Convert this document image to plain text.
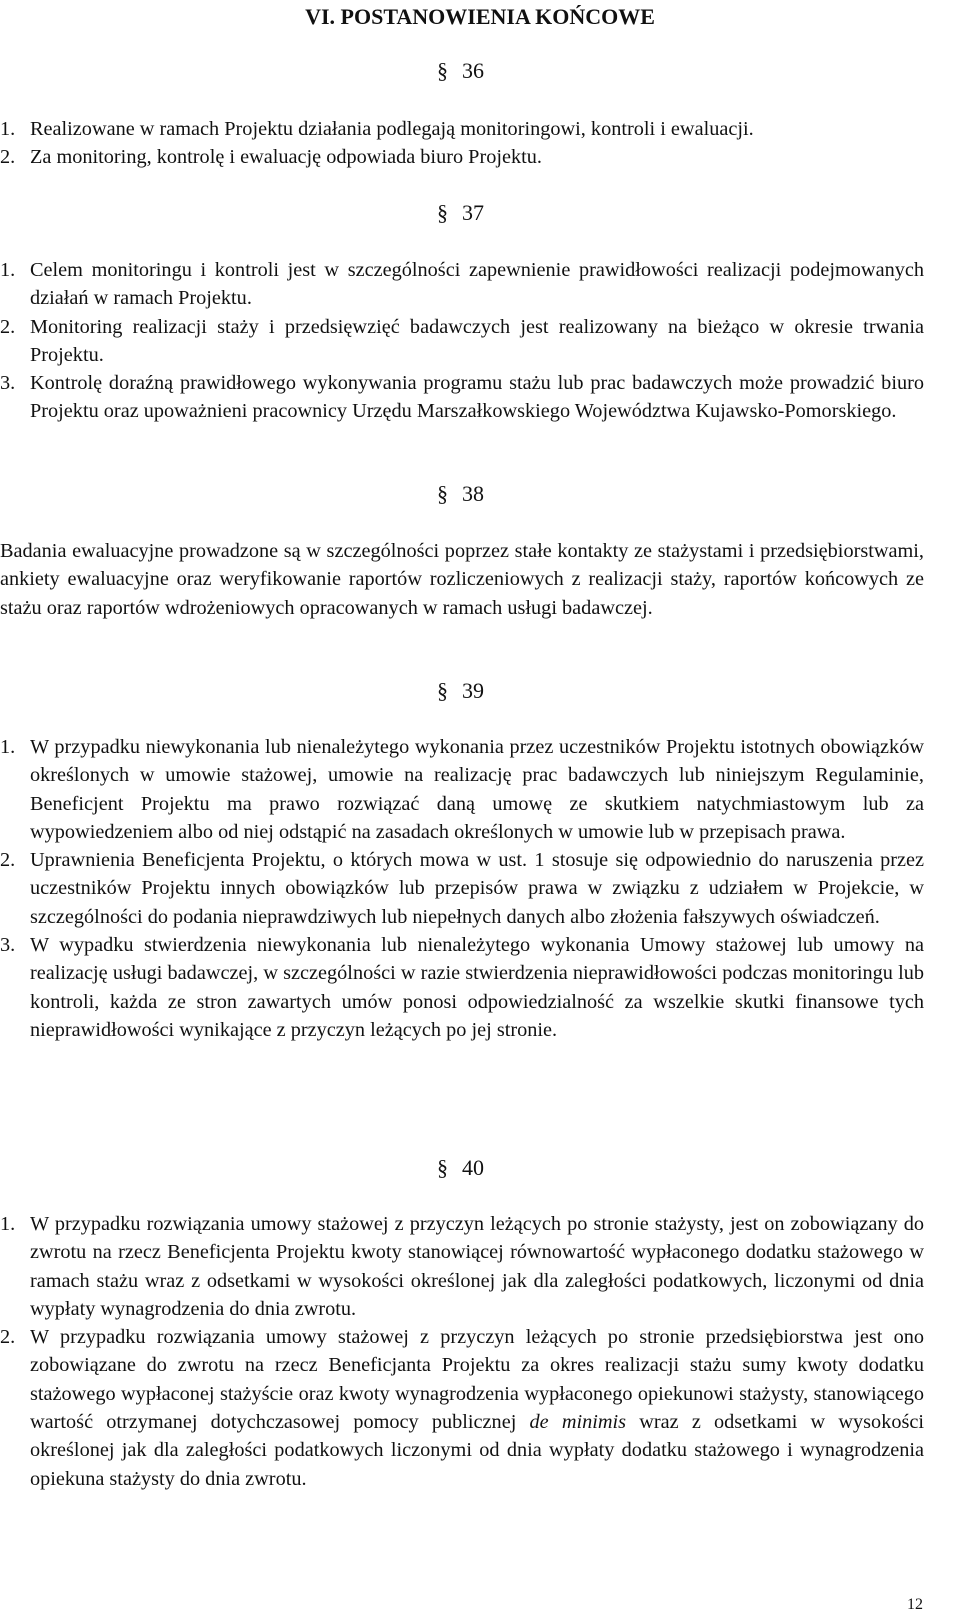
VI. POSTANOWIENIA KOŃCOWE
§ 36
1. Realizowane w ramach Projektu działania podlegają monitoringowi, kontroli i ewaluacji.
2. Za monitoring, kontrolę i ewaluację odpowiada biuro Projektu.
§ 37
1. Celem monitoringu i kontroli jest w szczególności zapewnienie prawidłowości realizacji podejmowanych działań w ramach Projektu.
2. Monitoring realizacji staży i przedsięwzięć badawczych jest realizowany na bieżąco w okresie trwania Projektu.
3. Kontrolę doraźną prawidłowego wykonywania programu stażu lub prac badawczych może prowadzić biuro Projektu oraz upoważnieni pracownicy Urzędu Marszałkowskiego Województwa Kujawsko-Pomorskiego.
§ 38
Badania ewaluacyjne prowadzone są w szczególności poprzez stałe kontakty ze stażystami i przedsiębiorstwami, ankiety ewaluacyjne oraz weryfikowanie raportów rozliczeniowych z realizacji staży, raportów końcowych ze stażu oraz raportów wdrożeniowych opracowanych w ramach usługi badawczej.
§ 39
1. W przypadku niewykonania lub nienależytego wykonania przez uczestników Projektu istotnych obowiązków określonych w umowie stażowej, umowie na realizację prac badawczych lub niniejszym Regulaminie, Beneficjent Projektu ma prawo rozwiązać daną umowę ze skutkiem natychmiastowym lub za wypowiedzeniem albo od niej odstąpić na zasadach określonych w umowie lub w przepisach prawa.
2. Uprawnienia Beneficjenta Projektu, o których mowa w ust. 1 stosuje się odpowiednio do naruszenia przez uczestników Projektu innych obowiązków lub przepisów prawa w związku z udziałem w Projekcie, w szczególności do podania nieprawdziwych lub niepełnych danych albo złożenia fałszywych oświadczeń.
3. W wypadku stwierdzenia niewykonania lub nienależytego wykonania Umowy stażowej lub umowy na realizację usługi badawczej, w szczególności w razie stwierdzenia nieprawidłowości podczas monitoringu lub kontroli, każda ze stron zawartych umów ponosi odpowiedzialność za wszelkie skutki finansowe tych nieprawidłowości wynikające z przyczyn leżących po jej stronie.
§ 40
1. W przypadku rozwiązania umowy stażowej z przyczyn leżących po stronie stażysty, jest on zobowiązany do zwrotu na rzecz Beneficjenta Projektu kwoty stanowiącej równowartość wypłaconego dodatku stażowego w ramach stażu wraz z odsetkami w wysokości określonej jak dla zaległości podatkowych, liczonymi od dnia wypłaty wynagrodzenia do dnia zwrotu.
2. W przypadku rozwiązania umowy stażowej z przyczyn leżących po stronie przedsiębiorstwa jest ono zobowiązane do zwrotu na rzecz Beneficjanta Projektu za okres realizacji stażu sumy kwoty dodatku stażowego wypłaconej stażyście oraz kwoty wynagrodzenia wypłaconego opiekunowi stażysty, stanowiącego wartość otrzymanej dotychczasowej pomocy publicznej de minimis wraz z odsetkami w wysokości określonej jak dla zaległości podatkowych liczonymi od dnia wypłaty dodatku stażowego i wynagrodzenia opiekuna stażysty do dnia zwrotu.
12
